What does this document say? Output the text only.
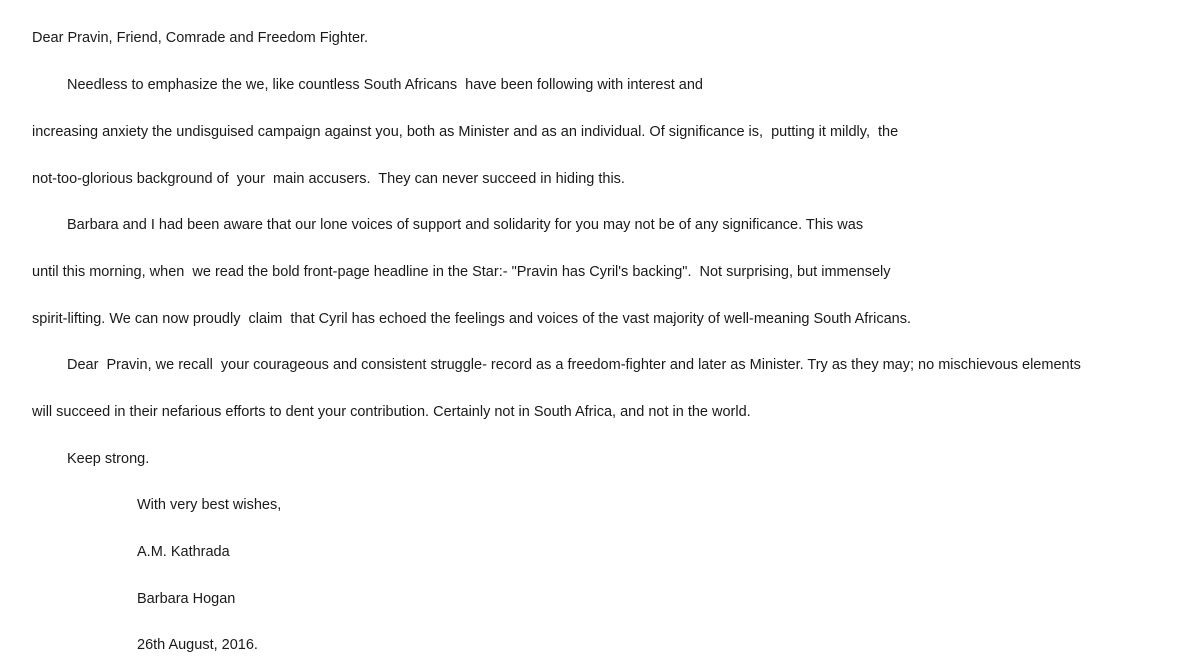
Dear Pravin, Friend, Comrade and Freedom Fighter.
Needless to emphasize the we, like countless South Africans  have been following with interest and
increasing anxiety the undisguised campaign against you, both as Minister and as an individual. Of significance is,  putting it mildly,  the
not-too-glorious background of  your  main accusers.  They can never succeed in hiding this.
Barbara and I had been aware that our lone voices of support and solidarity for you may not be of any significance. This was
until this morning, when  we read the bold front-page headline in the Star:- "Pravin has Cyril's backing".  Not surprising, but immensely
spirit-lifting. We can now proudly  claim  that Cyril has echoed the feelings and voices of the vast majority of well-meaning South Africans.
Dear  Pravin, we recall  your courageous and consistent struggle- record as a freedom-fighter and later as Minister. Try as they may; no mischievous elements
will succeed in their nefarious efforts to dent your contribution. Certainly not in South Africa, and not in the world.
Keep strong.
With very best wishes,
A.M. Kathrada
Barbara Hogan
26th August, 2016.
